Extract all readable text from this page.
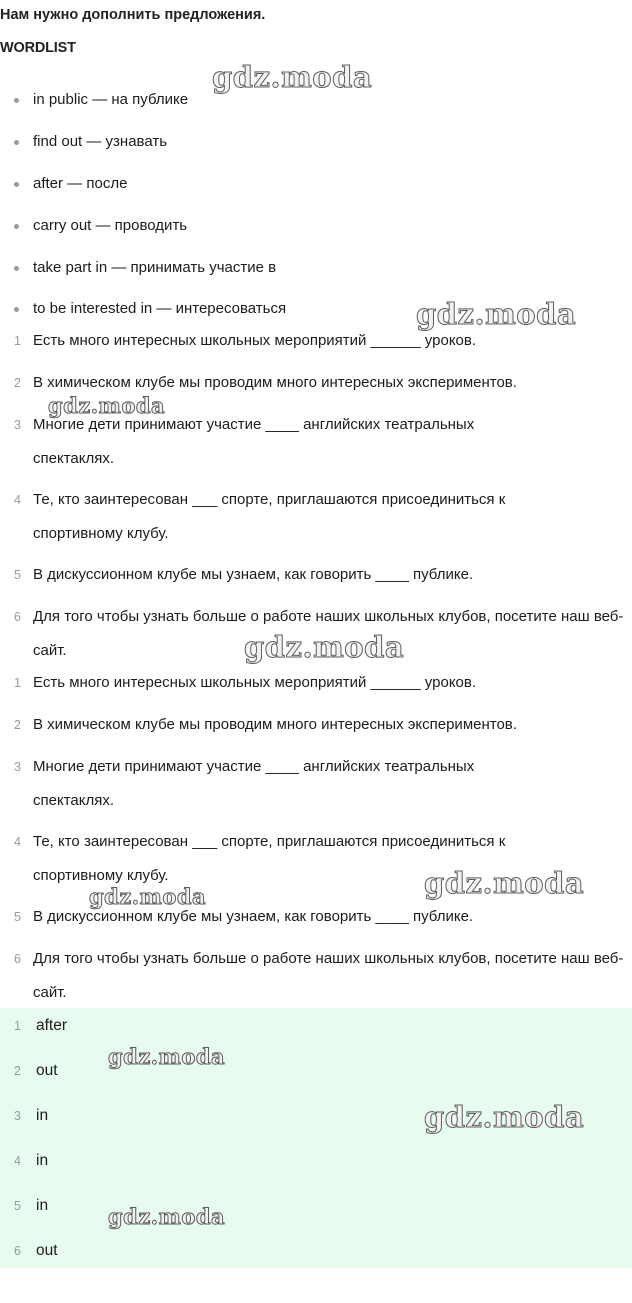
Нам нужно дополнить предложения.
WORDLIST
in public — на публике
find out — узнавать
after — после
carry out — проводить
take part in — принимать участие в
to be interested in — интересоваться
1 Есть много интересных школьных мероприятий ______ уроков.
2 В химическом клубе мы проводим много интересных экспериментов.
3 Многие дети принимают участие ____ английских театральных спектаклях.
4 Те, кто заинтересован ___ спорте, приглашаются присоединиться к спортивному клубу.
5 В дискуссионном клубе мы узнаем, как говорить ____ публике.
6 Для того чтобы узнать больше о работе наших школьных клубов, посетите наш веб-сайт.
1 Есть много интересных школьных мероприятий ______ уроков.
2 В химическом клубе мы проводим много интересных экспериментов.
3 Многие дети принимают участие ____ английских театральных спектаклях.
4 Те, кто заинтересован ___ спорте, приглашаются присоединиться к спортивному клубу.
5 В дискуссионном клубе мы узнаем, как говорить ____ публике.
6 Для того чтобы узнать больше о работе наших школьных клубов, посетите наш веб-сайт.
1 after
2 out
3 in
4 in
5 in
6 out
gdz.moda
gdz.moda
gdz.moda
gdz.moda
gdz.moda	gdz.moda
gdz.moda
gdz.moda
gdz.moda
